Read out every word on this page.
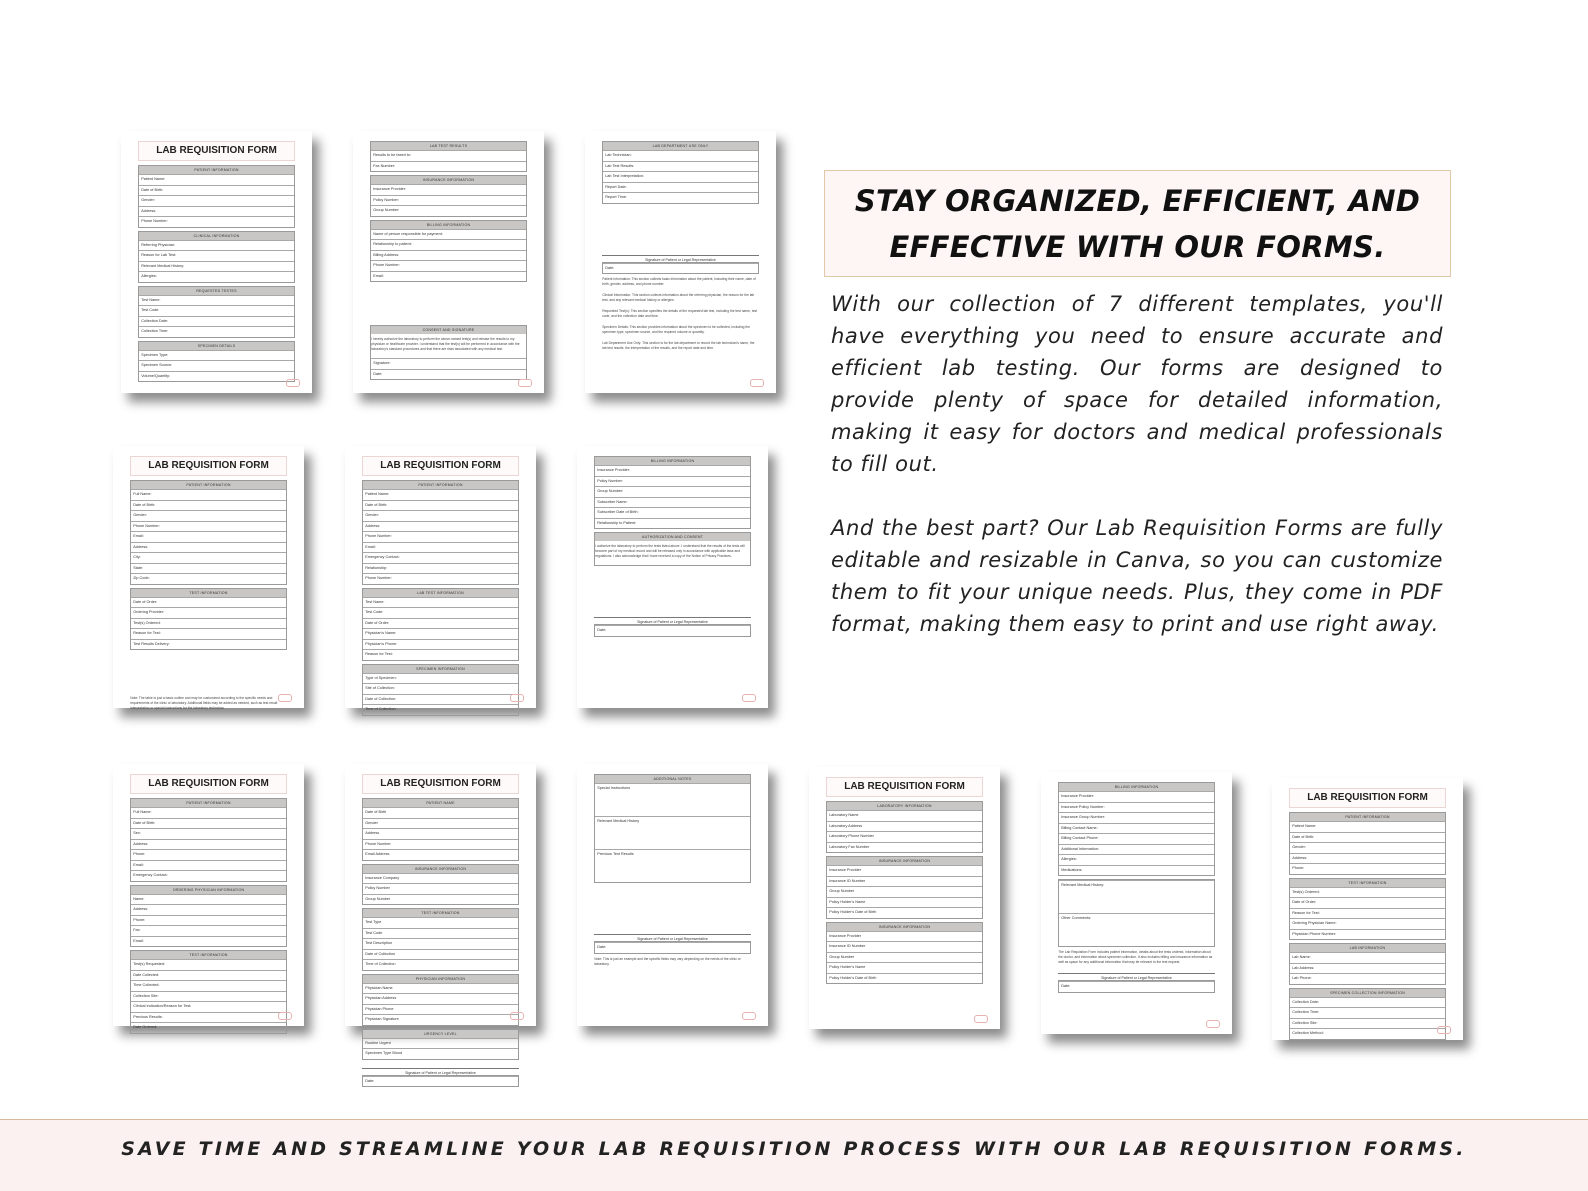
LAB REQUISITION FORM
PATIENT INFORMATION
Patient Name:
Date of Birth:
Gender:
Address:
Phone Number:
CLINICAL INFORMATION
Referring Physician:
Reason for Lab Test:
Relevant Medical History:
Allergies:
REQUESTED TESTES
Test Name:
Test Code:
Collection Date:
Collection Time:
SPECIMEN DETAILS
Specimen Type:
Specimen Source:
Volume/Quantity:
LAB TEST RESULTS
Results to be faxed to:
Fax Number:
INSURANCE INFORMATION
Insurance Provider:
Policy Number:
Group Number:
BILLING INFORMATION
Name of person responsible for payment:
Relationship to patient:
Billing Address:
Phone Number:
Email:
CONSENT AND SIGNATURE
I hereby authorize the laboratory to perform the above-named test(s) and release the results to my physician or healthcare provider. I understand that the test(s) will be performed in accordance with the laboratory's standard procedures and that there are risks associated with any medical test.
Signature:
Date:
LAB DEPARTMENT USE ONLY
Lab Technician:
Lab Test Results:
Lab Test Interpretation:
Report Date:
Report Time:
Signature of Patient or Legal Representative
Date:
Patient Information: This section collects basic information about the patient, including their name, date of birth, gender, address, and phone number.
Clinical Information: This section collects information about the referring physician, the reason for the lab test, and any relevant medical history or allergies.
Requested Test(s): This section specifies the details of the requested lab test, including the test name, test code, and the collection date and time.
Specimen Details: This section provides information about the specimen to be collected, including the specimen type, specimen source, and the required volume or quantity.
Lab Department Use Only: This section is for the lab department to record the lab technician's name, the lab test results, the interpretation of the results, and the report date and time.
LAB REQUISITION FORM
PATIENT INFORMATION
Full Name:
Date of Birth:
Gender:
Phone Number:
Email:
Address:
City:
State:
Zip Code:
TEST INFORMATION
Date of Order:
Ordering Provider:
Test(s) Ordered:
Reason for Test:
Test Results Delivery:
Note: The table is just a basic outline and may be customized according to the specific needs and requirements of the clinic or laboratory. Additional fields may be added as needed, such as test result interpretation or special instructions for the laboratory technician.
LAB REQUISITION FORM
PATIENT INFORMATION
Patient Name:
Date of Birth:
Gender:
Address:
Phone Number:
Email:
Emergency Contact:
Relationship:
Phone Number:
LAB TEST INFORMATION
Test Name:
Test Code:
Date of Order:
Physician's Name:
Physician's Phone:
Reason for Test:
SPECIMEN INFORMATION
Type of Specimen:
Site of Collection:
Date of Collection:
Time of Collection:
BILLING INFORMATION
Insurance Provider:
Policy Number:
Group Number:
Subscriber Name:
Subscriber Date of Birth:
Relationship to Patient:
AUTHORIZATION AND CONSENT
I authorize the laboratory to perform the tests listed above. I understand that the results of the tests will become part of my medical record and will be released only in accordance with applicable laws and regulations. I also acknowledge that I have received a copy of the Notice of Privacy Practices.
Signature of Patient or Legal Representative
Date:
LAB REQUISITION FORM
PATIENT INFORMATION
Full Name:
Date of Birth:
Sex:
Address:
Phone:
Email:
Emergency Contact:
ORDERING PHYSICIAN INFORMATION
Name:
Address:
Phone:
Fax:
Email:
TEST INFORMATION
Test(s) Requested:
Date Collected:
Time Collected:
Collection Site:
Clinical Indication/Reason for Test:
Previous Results:
Date Ordered:
LAB REQUISITION FORM
PATIENT NAME
Date of Birth
Gender
Address
Phone Number
Email Address
INSURANCE INFORMATION
Insurance Company
Policy Number
Group Number
TEST INFORMATION
Test Type
Test Code
Test Description
Date of Collection
Time of Collection
PHYSICIAN INFORMATION
Physician Name
Physician Address
Physician Phone
Physician Signature
URGENCY LEVEL
Routine Urgent
Specimen Type Blood
Signature of Patient or Legal Representative
Date:
ADDITIONAL NOTES
Special Instructions
Relevant Medical History
Previous Test Results
Signature of Patient or Legal Representative
Date:
Note: This is just an example and the specific fields may vary depending on the needs of the clinic or laboratory.
LAB REQUISITION FORM
LABORATORY INFORMATION
Laboratory Name
Laboratory Address
Laboratory Phone Number
Laboratory Fax Number
INSURANCE INFORMATION
Insurance Provider
Insurance ID Number
Group Number
Policy Holder's Name
Policy Holder's Date of Birth
INSURANCE INFORMATION
Insurance Provider
Insurance ID Number
Group Number
Policy Holder's Name
Policy Holder's Date of Birth
BILLING INFORMATION
Insurance Provider:
Insurance Policy Number:
Insurance Group Number:
Billing Contact Name:
Billing Contact Phone:
Additional Information:
Allergies:
Medications:
Relevant Medical History:
Other Comments:
The Lab Requisition Form includes patient information, details about the tests ordered, information about the doctor, and information about specimen collection. It also includes billing and insurance information as well as space for any additional information that may be relevant to the test request.
Signature of Patient or Legal Representative
Date:
LAB REQUISITION FORM
PATIENT INFORMATION
Patient Name:
Date of Birth:
Gender:
Address:
Phone:
TEST INFORMATION
Test(s) Ordered:
Date of Order:
Reason for Test:
Ordering Physician Name:
Physician Phone Number:
LAB INFORMATION
Lab Name:
Lab Address:
Lab Phone:
SPECIMEN COLLECTION INFORMATION
Collection Date:
Collection Time:
Collection Site:
Collection Method:
STAY ORGANIZED, EFFICIENT, AND EFFECTIVE WITH OUR FORMS.

With our collection of 7 different templates, you'll have everything you need to ensure accurate and efficient lab testing. Our forms are designed to provide plenty of space for detailed information, making it easy for doctors and medical professionals to fill out.

And the best part? Our Lab Requisition Forms are fully editable and resizable in Canva, so you can customize them to fit your unique needs. Plus, they come in PDF format, making them easy to print and use right away.

SAVE TIME AND STREAMLINE YOUR LAB REQUISITION PROCESS WITH OUR LAB REQUISITION FORMS.
